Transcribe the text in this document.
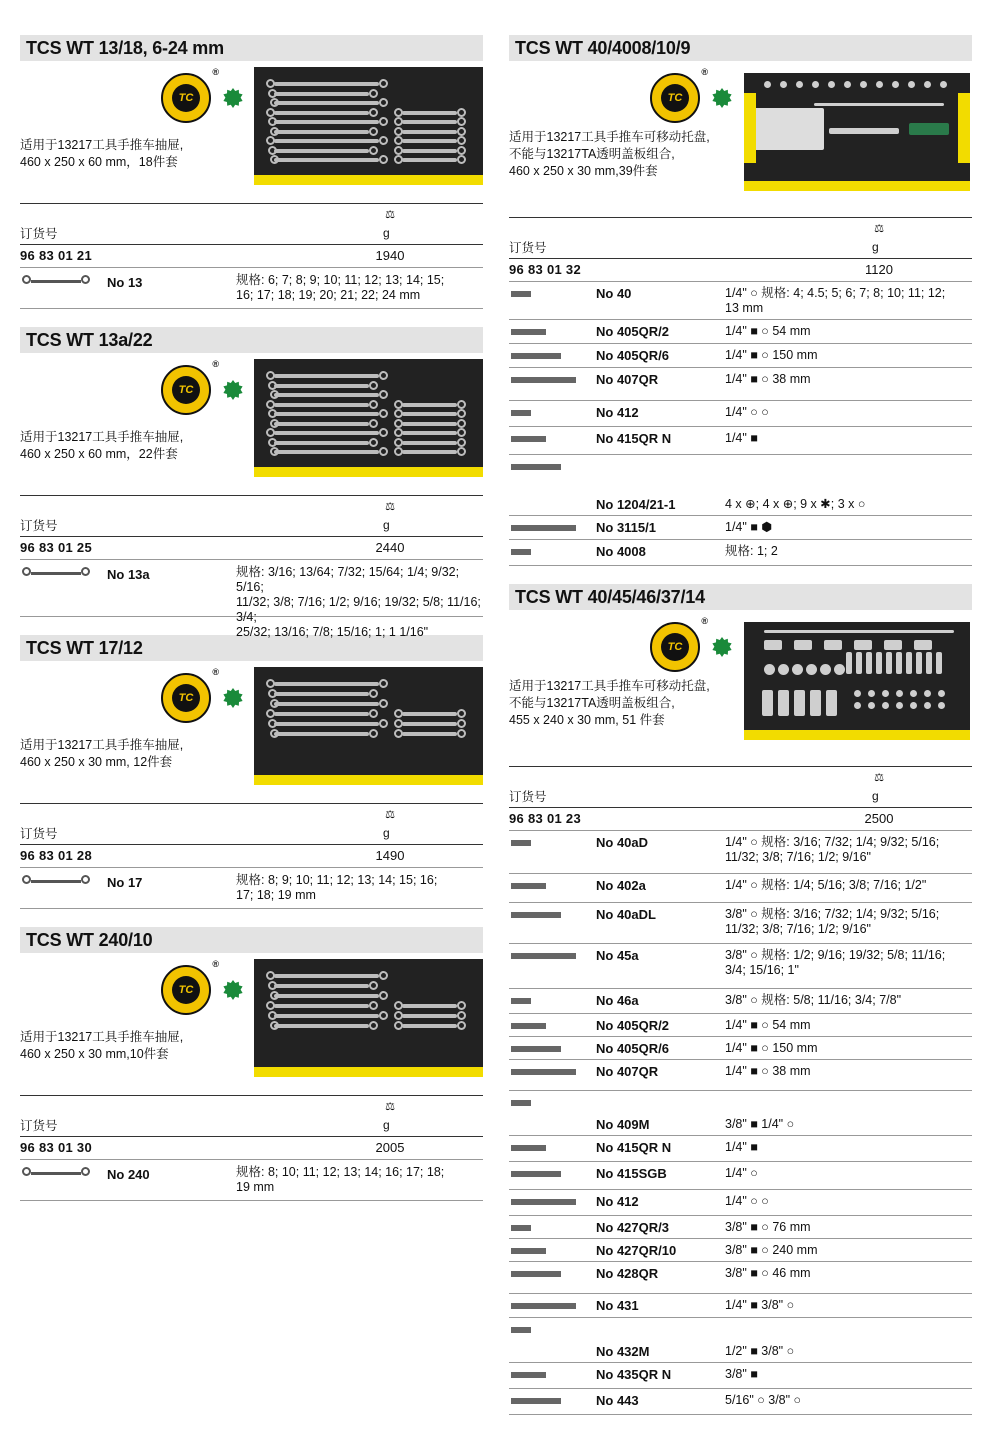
TCS WT 13/18, 6-24 mm
TC
®
适用于13217工具手推车抽屉,
460 x 250 x 60 mm，18件套
订货号
⚖
g
96 83 01 21	1940
No 13	规格: 6; 7; 8; 9; 10; 11; 12; 13; 14; 15;
16; 17; 18; 19; 20; 21; 22; 24 mm
TCS WT 13a/22
TC
®
适用于13217工具手推车抽屉,
460 x 250 x 60 mm，22件套
订货号
⚖
g
96 83 01 25	2440
No 13a	规格: 3/16; 13/64; 7/32; 15/64; 1/4; 9/32; 5/16;
11/32; 3/8; 7/16; 1/2; 9/16; 19/32; 5/8; 11/16; 3/4;
25/32; 13/16; 7/8; 15/16; 1; 1 1/16"
TCS WT 17/12
TC
®
适用于13217工具手推车抽屉,
460 x 250 x 30 mm, 12件套
订货号
⚖
g
96 83 01 28	1490
No 17	规格: 8; 9; 10; 11; 12; 13; 14; 15; 16;
17; 18; 19 mm
TCS WT 240/10
TC
®
适用于13217工具手推车抽屉,
460 x 250 x 30 mm,10件套
订货号
⚖
g
96 83 01 30	2005
No 240	规格: 8; 10; 11; 12; 13; 14; 16; 17; 18;
19 mm
TCS WT 40/4008/10/9
TC
®
适用于13217工具手推车可移动托盘,
不能与13217TA透明盖板组合,
460 x 250 x 30 mm,39件套
订货号
⚖
g
96 83 01 32	1120
No 40	1/4" ○ 规格: 4; 4.5; 5; 6; 7; 8; 10; 11; 12;
13 mm
No 405QR/2	1/4" ■ ○ 54 mm
No 405QR/6	1/4" ■ ○ 150 mm
No 407QR	1/4" ■ ○ 38 mm
No 412	1/4" ○ ○
No 415QR N	1/4" ■
No 1204/21-1	4 x ⊕; 4 x ⊕; 9 x ✱; 3 x ○
No 3115/1	1/4" ■ ⬢
No 4008	规格: 1; 2
TCS WT 40/45/46/37/14
TC
®
适用于13217工具手推车可移动托盘,
不能与13217TA透明盖板组合,
455 x 240 x 30 mm, 51 件套
订货号
⚖
g
96 83 01 23	2500
No 40aD	1/4" ○ 规格: 3/16; 7/32; 1/4; 9/32; 5/16;
11/32; 3/8; 7/16; 1/2; 9/16"
No 402a	1/4" ○ 规格: 1/4; 5/16; 3/8; 7/16; 1/2"
No 40aDL	3/8" ○ 规格: 3/16; 7/32; 1/4; 9/32; 5/16;
11/32; 3/8; 7/16; 1/2; 9/16"
No 45a	3/8" ○ 规格: 1/2; 9/16; 19/32; 5/8; 11/16;
3/4; 15/16; 1"
No 46a	3/8" ○ 规格: 5/8; 11/16; 3/4; 7/8"
No 405QR/2	1/4" ■ ○ 54 mm
No 405QR/6	1/4" ■ ○ 150 mm
No 407QR	1/4" ■ ○ 38 mm
No 409M	3/8" ■ 1/4" ○
No 415QR N	1/4" ■
No 415SGB	1/4" ○
No 412	1/4" ○ ○
No 427QR/3	3/8" ■ ○ 76 mm
No 427QR/10	3/8" ■ ○ 240 mm
No 428QR	3/8" ■ ○ 46 mm
No 431	1/4" ■ 3/8" ○
No 432M	1/2" ■ 3/8" ○
No 435QR N	3/8" ■
No 443	5/16" ○ 3/8" ○
